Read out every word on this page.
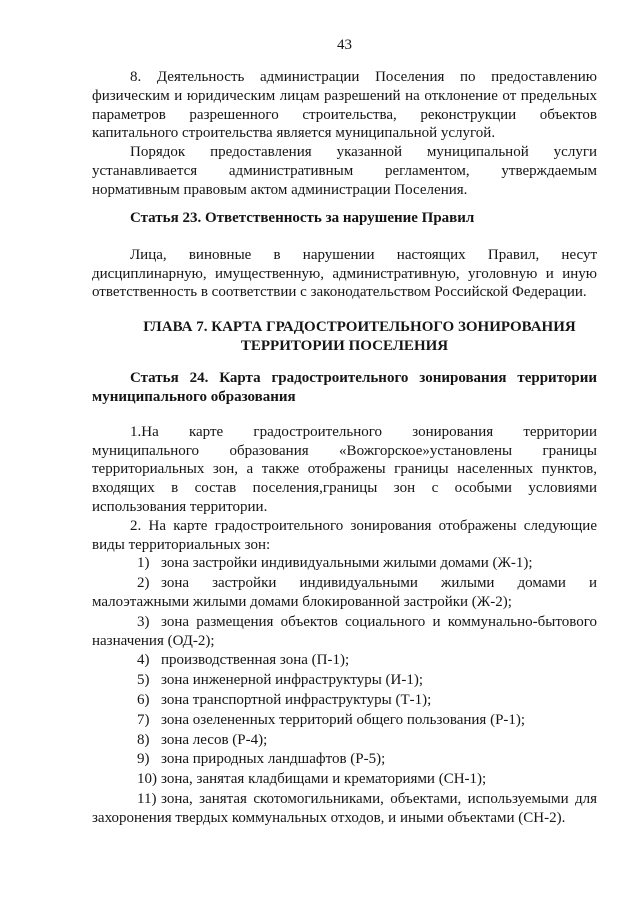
43
8. Деятельность администрации Поселения по предоставлению
физическим и юридическим лицам разрешений на отклонение от предельных
параметров разрешенного строительства, реконструкции объектов
капитального строительства является муниципальной услугой.
Порядок предоставления указанной муниципальной услуги
устанавливается административным регламентом, утверждаемым
нормативным правовым актом администрации Поселения.
Статья 23. Ответственность за нарушение Правил
Лица, виновные в нарушении настоящих Правил, несут
дисциплинарную, имущественную, административную, уголовную и иную
ответственность в соответствии с законодательством Российской Федерации.
ГЛАВА 7. КАРТА ГРАДОСТРОИТЕЛЬНОГО ЗОНИРОВАНИЯ
ТЕРРИТОРИИ ПОСЕЛЕНИЯ
Статья 24. Карта градостроительного зонирования территории
муниципального образования
1.На карте градостроительного зонирования территории
муниципального образования «Вожгорское»установлены границы
территориальных зон, а также отображены границы населенных пунктов,
входящих в состав поселения,границы зон с особыми условиями
использования территории.
2. На карте градостроительного зонирования отображены следующие
виды территориальных зон:
1) зона застройки индивидуальными жилыми домами (Ж-1);
2) зона застройки индивидуальными жилыми домами и
малоэтажными жилыми домами блокированной застройки (Ж-2);
3) зона размещения объектов социального и коммунально-бытового
назначения (ОД-2);
4) производственная зона (П-1);
5) зона инженерной инфраструктуры (И-1);
6) зона транспортной инфраструктуры (Т-1);
7) зона озелененных территорий общего пользования (Р-1);
8) зона лесов (Р-4);
9) зона природных ландшафтов (Р-5);
10) зона, занятая кладбищами и крематориями (СН-1);
11) зона, занятая скотомогильниками, объектами, используемыми для
захоронения твердых коммунальных отходов, и иными объектами (СН-2).
